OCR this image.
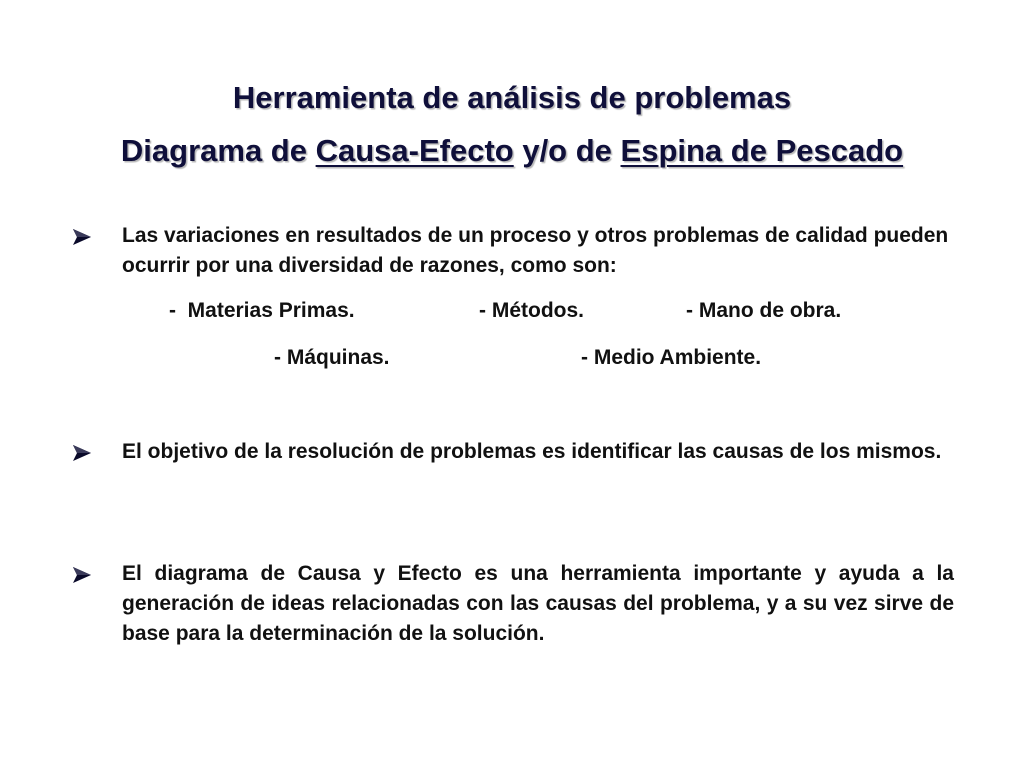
Herramienta de análisis de problemas
Diagrama de Causa-Efecto y/o de Espina de Pescado
Las variaciones en resultados de un proceso y otros problemas de calidad pueden ocurrir por una diversidad de razones, como son:
-  Materias Primas.	- Métodos.	- Mano de obra.
- Máquinas.	- Medio Ambiente.
El objetivo de la resolución de problemas es identificar las causas de los mismos.
El diagrama de Causa y Efecto es una herramienta importante y ayuda a la generación de ideas relacionadas con las causas del problema, y a su vez sirve de base para la determinación de la solución.
